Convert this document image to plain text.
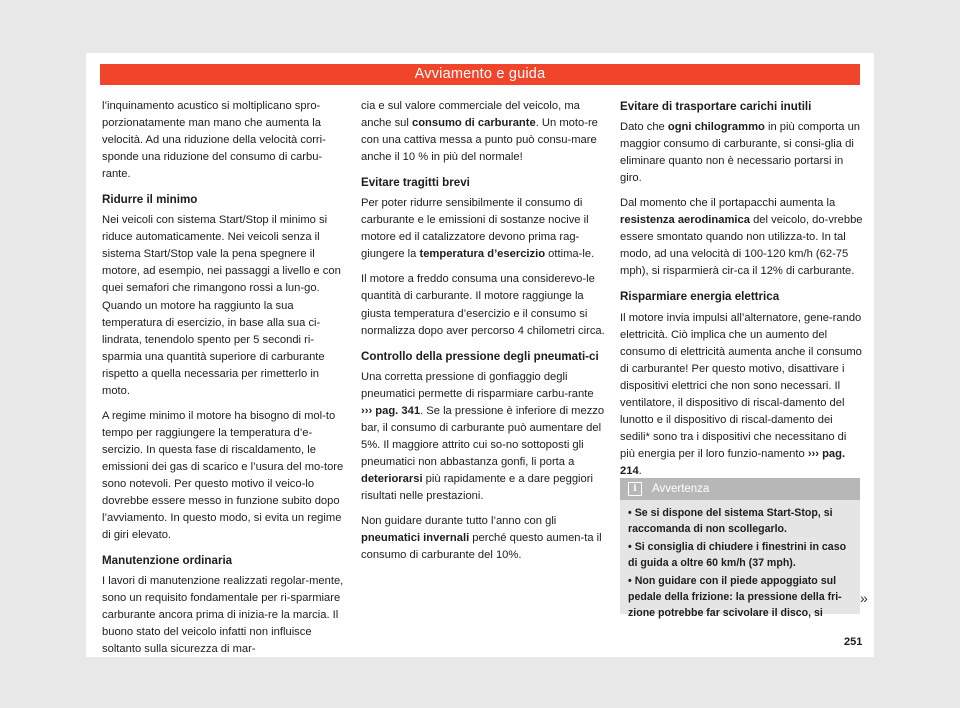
Avviamento e guida

l’inquinamento acustico si moltiplicano spro-porzionatamente man mano che aumenta la velocità. Ad una riduzione della velocità corri-sponde una riduzione del consumo di carbu-rante.

Ridurre il minimo

Nei veicoli con sistema Start/Stop il minimo si riduce automaticamente. Nei veicoli senza il sistema Start/Stop vale la pena spegnere il motore, ad esempio, nei passaggi a livello e con quei semafori che rimangono rossi a lun-go. Quando un motore ha raggiunto la sua temperatura di esercizio, in base alla sua ci-lindrata, tenendolo spento per 5 secondi ri-sparmia una quantità superiore di carburante rispetto a quella necessaria per rimetterlo in moto.

A regime minimo il motore ha bisogno di mol-to tempo per raggiungere la temperatura d’e-sercizio. In questa fase di riscaldamento, le emissioni dei gas di scarico e l’usura del mo-tore sono notevoli. Per questo motivo il veico-lo dovrebbe essere messo in funzione subito dopo l’avviamento. In questo modo, si evita un regime di giri elevato.

Manutenzione ordinaria

I lavori di manutenzione realizzati regolar-mente, sono un requisito fondamentale per ri-sparmiare carburante ancora prima di inizia-re la marcia. Il buono stato del veicolo infatti non influisce soltanto sulla sicurezza di mar-

cia e sul valore commerciale del veicolo, ma anche sul consumo di carburante. Un moto-re con una cattiva messa a punto può consu-mare anche il 10 % in più del normale!

Evitare tragitti brevi

Per poter ridurre sensibilmente il consumo di carburante e le emissioni di sostanze nocive il motore ed il catalizzatore devono prima rag-giungere la temperatura d’esercizio ottima-le.

Il motore a freddo consuma una considerevo-le quantità di carburante. Il motore raggiunge la giusta temperatura d’esercizio e il consumo si normalizza dopo aver percorso 4 chilometri circa.

Controllo della pressione degli pneumati-ci

Una corretta pressione di gonfiaggio degli pneumatici permette di risparmiare carbu-rante ››› pag. 341. Se la pressione è inferiore di mezzo bar, il consumo di carburante può aumentare del 5%. Il maggiore attrito cui so-no sottoposti gli pneumatici non abbastanza gonfi, li porta a deteriorarsi più rapidamente e a dare peggiori risultati nelle prestazioni.

Non guidare durante tutto l’anno con gli pneumatici invernali perché questo aumen-ta il consumo di carburante del 10%.

Evitare di trasportare carichi inutili

Dato che ogni chilogrammo in più comporta un maggior consumo di carburante, si consi-glia di eliminare quanto non è necessario portarsi in giro.

Dal momento che il portapacchi aumenta la resistenza aerodinamica del veicolo, do-vrebbe essere smontato quando non utilizza-to. In tal modo, ad una velocità di 100-120 km/h (62-75 mph), si risparmierà cir-ca il 12% di carburante.

Risparmiare energia elettrica

Il motore invia impulsi all’alternatore, gene-rando elettricità. Ciò implica che un aumento del consumo di elettricità aumenta anche il consumo di carburante! Per questo motivo, disattivare i dispositivi elettrici che non sono necessari. Il ventilatore, il dispositivo di riscal-damento del lunotto e il dispositivo di riscal-damento dei sedili* sono tra i dispositivi che necessitano di più energia per il loro funzio-namento ››› pag. 214.

i	Avvertenza
• Se si dispone del sistema Start-Stop, si raccomanda di non scollegarlo.
• Si consiglia di chiudere i finestrini in caso di guida a oltre 60 km/h (37 mph).
• Non guidare con il piede appoggiato sul pedale della frizione: la pressione della fri-zione potrebbe far scivolare il disco, si
»
251
